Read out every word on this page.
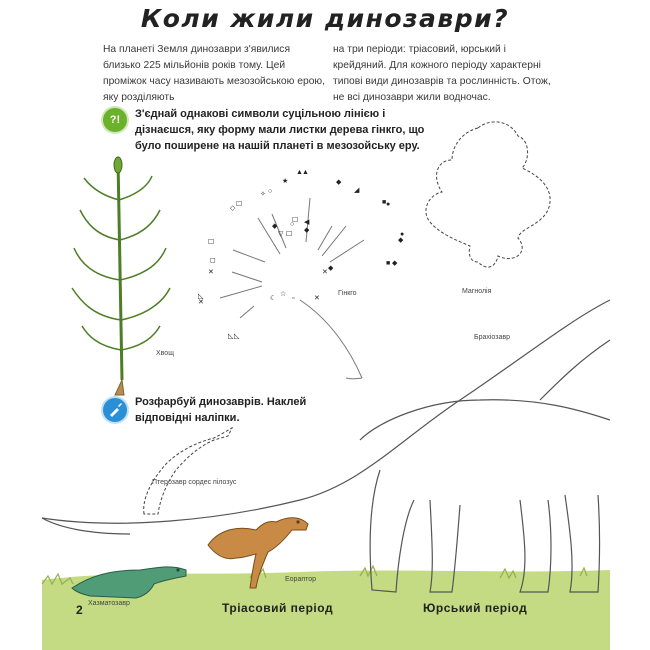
✧ ○
★
▲ ▲
◆
◢
◇
☐	■ ●
☐
◻
✕
●
◆
■ ◆
◺
✕
◆
▽
○
☐
☐ ◀
◆
✕
◆
☾
☆
▫	✕
◺ ◺
Коли жили динозаври?
На планеті Земля динозаври з'явилися близько 225 мільйонів років тому. Цей проміжок часу називають мезозойською ерою, яку розділяють
на три періоди: тріасовий, юрський і крейдяний. Для кожного періоду характерні типові види динозаврів та рослинність. Отож, не всі динозаври жили водночас.
?!	З'єднай однакові символи суцільною лінією і дізнаєшся, яку форму мали листки дерева гінкго, що було поширене на нашій планеті в мезозойську еру.
Розфарбуй динозаврів. Наклей відповідні наліпки.
Хвощ
Гінкго	Магнолія
Брахіозавр
Птерозавр сордес пілозус
Еораптор
Хазматозавр
2	Тріасовий період	Юрський період
